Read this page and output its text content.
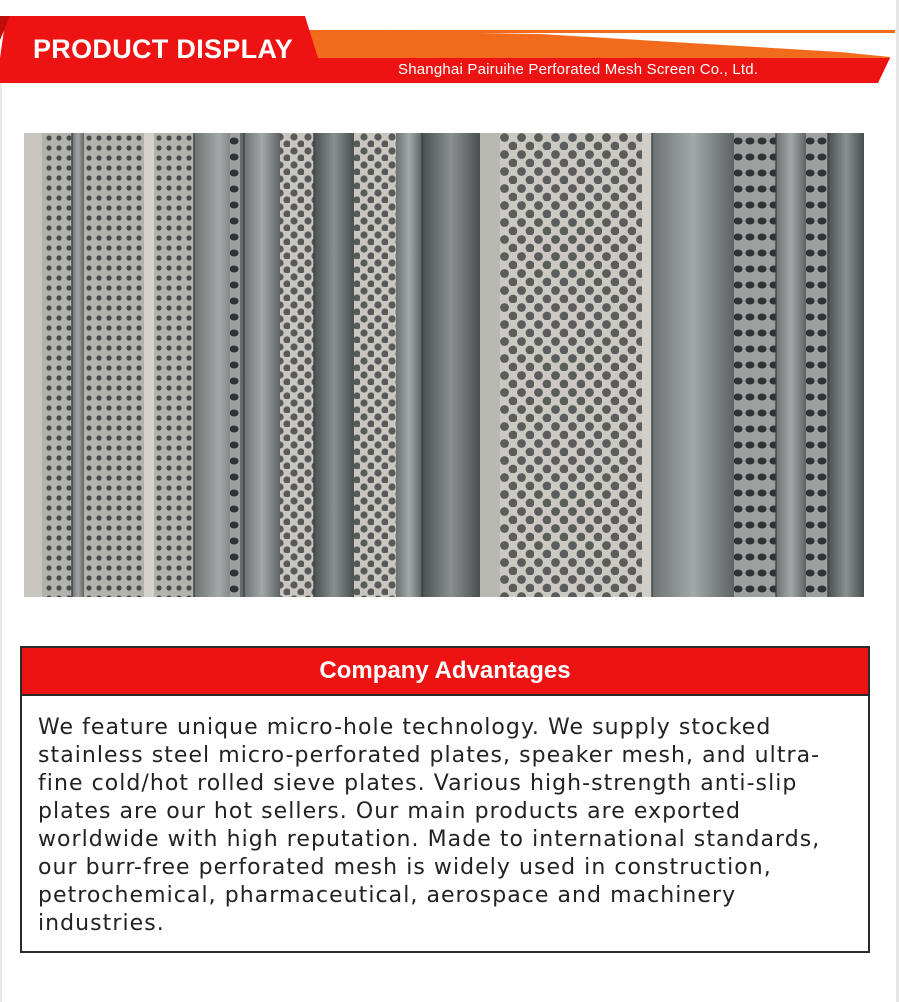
PRODUCT DISPLAY
Shanghai Pairuihe Perforated Mesh Screen Co., Ltd.
Company Advantages
We feature unique micro-hole technology. We supply stocked stainless steel micro-perforated plates, speaker mesh, and ultra-fine cold/hot rolled sieve plates. Various high-strength anti-slip plates are our hot sellers. Our main products are exported worldwide with high reputation. Made to international standards, our burr-free perforated mesh is widely used in construction, petrochemical, pharmaceutical, aerospace and machinery industries.
